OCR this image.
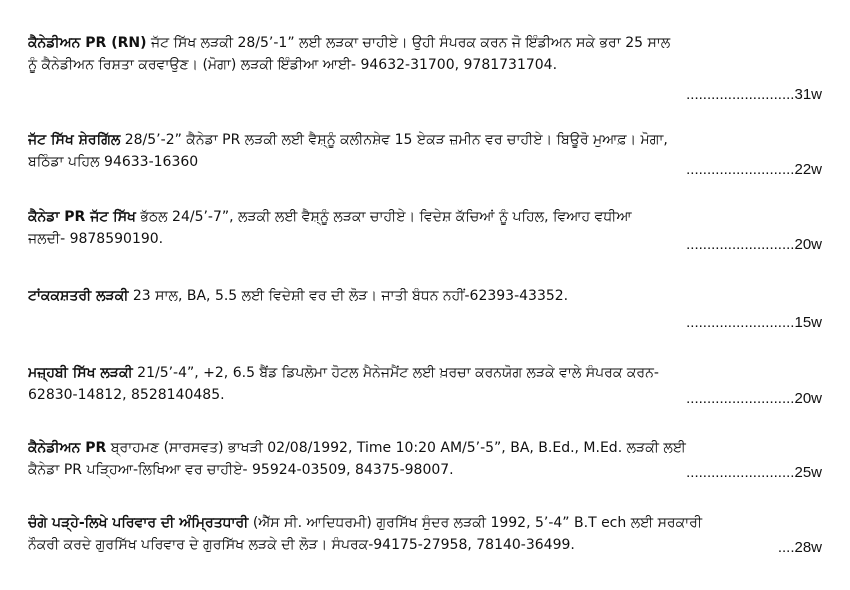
ਕੈਨੇਡੀਅਨ PR (RN) ਜੱਟ ਸਿੱਖ ਲੜਕੀ 28/5’-1” ਲਈ ਲੜਕਾ ਚਾਹੀਏ। ਉਹੀ ਸੰਪਰਕ ਕਰਨ ਜੋ ਇੰਡੀਅਨ ਸਕੇ ਭਰਾ 25 ਸਾਲ
ਨੂੰ ਕੈਨੇਡੀਅਨ ਰਿਸ਼ਤਾ ਕਰਵਾਉਣ। (ਮੋਗਾ) ਲੜਕੀ ਇੰਡੀਆ ਆਈ- 94632-31700, 9781731704.
..........................31w
ਜੱਟ ਸਿੱਖ ਸ਼ੇਰਗਿੱਲ 28/5’-2” ਕੈਨੇਡਾ PR ਲੜਕੀ ਲਈ ਵੈਸ਼੍ਨੂੰ ਕਲੀਨਸ਼ੇਵ 15 ਏਕੜ ਜ਼ਮੀਨ ਵਰ ਚਾਹੀਏ। ਬਿਊਰੋ ਮੁਆਫ਼। ਮੋਗਾ,
ਬਠਿੰਡਾ ਪਹਿਲ 94633-16360	..........................22w
ਕੈਨੇਡਾ PR ਜੱਟ ਸਿੱਖ ਭੱਠਲ 24/5’-7”, ਲੜਕੀ ਲਈ ਵੈਸ਼੍ਨੂੰ ਲੜਕਾ ਚਾਹੀਏ। ਵਿਦੇਸ਼ ਕੱਚਿਆਂ ਨੂੰ ਪਹਿਲ, ਵਿਆਹ ਵਧੀਆ
ਜਲਦੀ- 9878590190.	..........................20w
ਟਾਂਕਕਸ਼ਤਰੀ ਲੜਕੀ 23 ਸਾਲ, BA, 5.5 ਲਈ ਵਿਦੇਸ਼ੀ ਵਰ ਦੀ ਲੋੜ। ਜਾਤੀ ਬੰਧਨ ਨਹੀਂ-62393-43352.
..........................15w
ਮਜ਼੍ਹਬੀ ਸਿੱਖ ਲੜਕੀ 21/5’-4”, +2, 6.5 ਬੈਂਡ ਡਿਪਲੋਮਾ ਹੋਟਲ ਮੈਨੇਜਮੈਂਟ ਲਈ ਖ਼ਰਚਾ ਕਰਨਯੋਗ ਲੜਕੇ ਵਾਲੇ ਸੰਪਰਕ ਕਰਨ-
62830-14812, 8528140485.	..........................20w
ਕੈਨੇਡੀਅਨ PR ਬ੍ਰਾਹਮਣ (ਸਾਰਸਵਤ) ਭਾਖੜੀ 02/08/1992, Time 10:20 AM/5’-5”, BA, B.Ed., M.Ed. ਲੜਕੀ ਲਈ
ਕੈਨੇਡਾ PR ਪੜ੍ਹਿਆ-ਲਿਖਿਆ ਵਰ ਚਾਹੀਏ- 95924-03509, 84375-98007.	..........................25w
ਚੰਗੇ ਪੜ੍ਹੇ-ਲਿਖੇ ਪਰਿਵਾਰ ਦੀ ਅੰਮ੍ਰਿਤਧਾਰੀ (ਐੱਸ ਸੀ. ਆਦਿਧਰਮੀ) ਗੁਰਸਿੱਖ ਸੁੰਦਰ ਲੜਕੀ 1992, 5’-4” B.T ech ਲਈ ਸਰਕਾਰੀ
ਨੌਕਰੀ ਕਰਦੇ ਗੁਰਸਿੱਖ ਪਰਿਵਾਰ ਦੇ ਗੁਰਸਿੱਖ ਲੜਕੇ ਦੀ ਲੋੜ। ਸੰਪਰਕ-94175-27958, 78140-36499.	....28w
